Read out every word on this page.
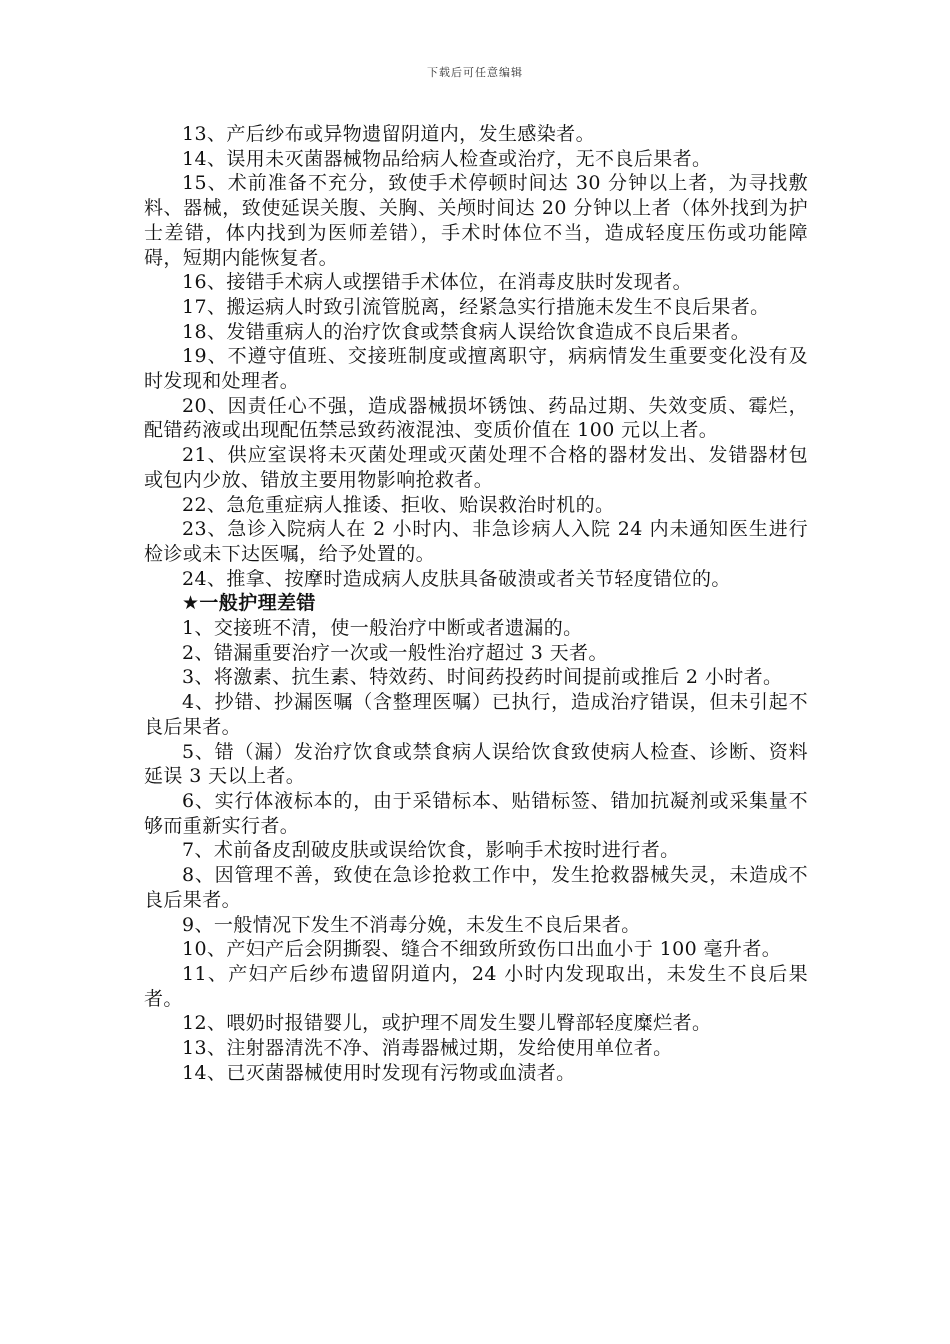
下载后可任意编辑

13、产后纱布或异物遗留阴道内，发生感染者。

14、误用未灭菌器械物品给病人检查或治疗，无不良后果者。

15、术前准备不充分，致使手术停顿时间达 30 分钟以上者，为寻找敷料、器械，致使延误关腹、关胸、关颅时间达 20 分钟以上者（体外找到为护士差错，体内找到为医师差错），手术时体位不当，造成轻度压伤或功能障碍，短期内能恢复者。

16、接错手术病人或摆错手术体位，在消毒皮肤时发现者。

17、搬运病人时致引流管脱离，经紧急实行措施未发生不良后果者。

18、发错重病人的治疗饮食或禁食病人误给饮食造成不良后果者。

19、不遵守值班、交接班制度或擅离职守，病病情发生重要变化没有及时发现和处理者。

20、因责任心不强，造成器械损坏锈蚀、药品过期、失效变质、霉烂，配错药液或出现配伍禁忌致药液混浊、变质价值在 100 元以上者。

21、供应室误将未灭菌处理或灭菌处理不合格的器材发出、发错器材包或包内少放、错放主要用物影响抢救者。

22、急危重症病人推诿、拒收、贻误救治时机的。

23、急诊入院病人在 2 小时内、非急诊病人入院 24 内未通知医生进行检诊或未下达医嘱，给予处置的。

24、推拿、按摩时造成病人皮肤具备破溃或者关节轻度错位的。

★一般护理差错

1、交接班不清，使一般治疗中断或者遗漏的。

2、错漏重要治疗一次或一般性治疗超过 3 天者。

3、将激素、抗生素、特效药、时间药投药时间提前或推后 2 小时者。

4、抄错、抄漏医嘱（含整理医嘱）已执行，造成治疗错误，但未引起不良后果者。

5、错（漏）发治疗饮食或禁食病人误给饮食致使病人检查、诊断、资料延误 3 天以上者。

6、实行体液标本的，由于采错标本、贴错标签、错加抗凝剂或采集量不够而重新实行者。

7、术前备皮刮破皮肤或误给饮食，影响手术按时进行者。

8、因管理不善，致使在急诊抢救工作中，发生抢救器械失灵，未造成不良后果者。

9、一般情况下发生不消毒分娩，未发生不良后果者。

10、产妇产后会阴撕裂、缝合不细致所致伤口出血小于 100 毫升者。

11、产妇产后纱布遗留阴道内，24 小时内发现取出，未发生不良后果者。

12、喂奶时报错婴儿，或护理不周发生婴儿臀部轻度糜烂者。

13、注射器清洗不净、消毒器械过期，发给使用单位者。

14、已灭菌器械使用时发现有污物或血渍者。
